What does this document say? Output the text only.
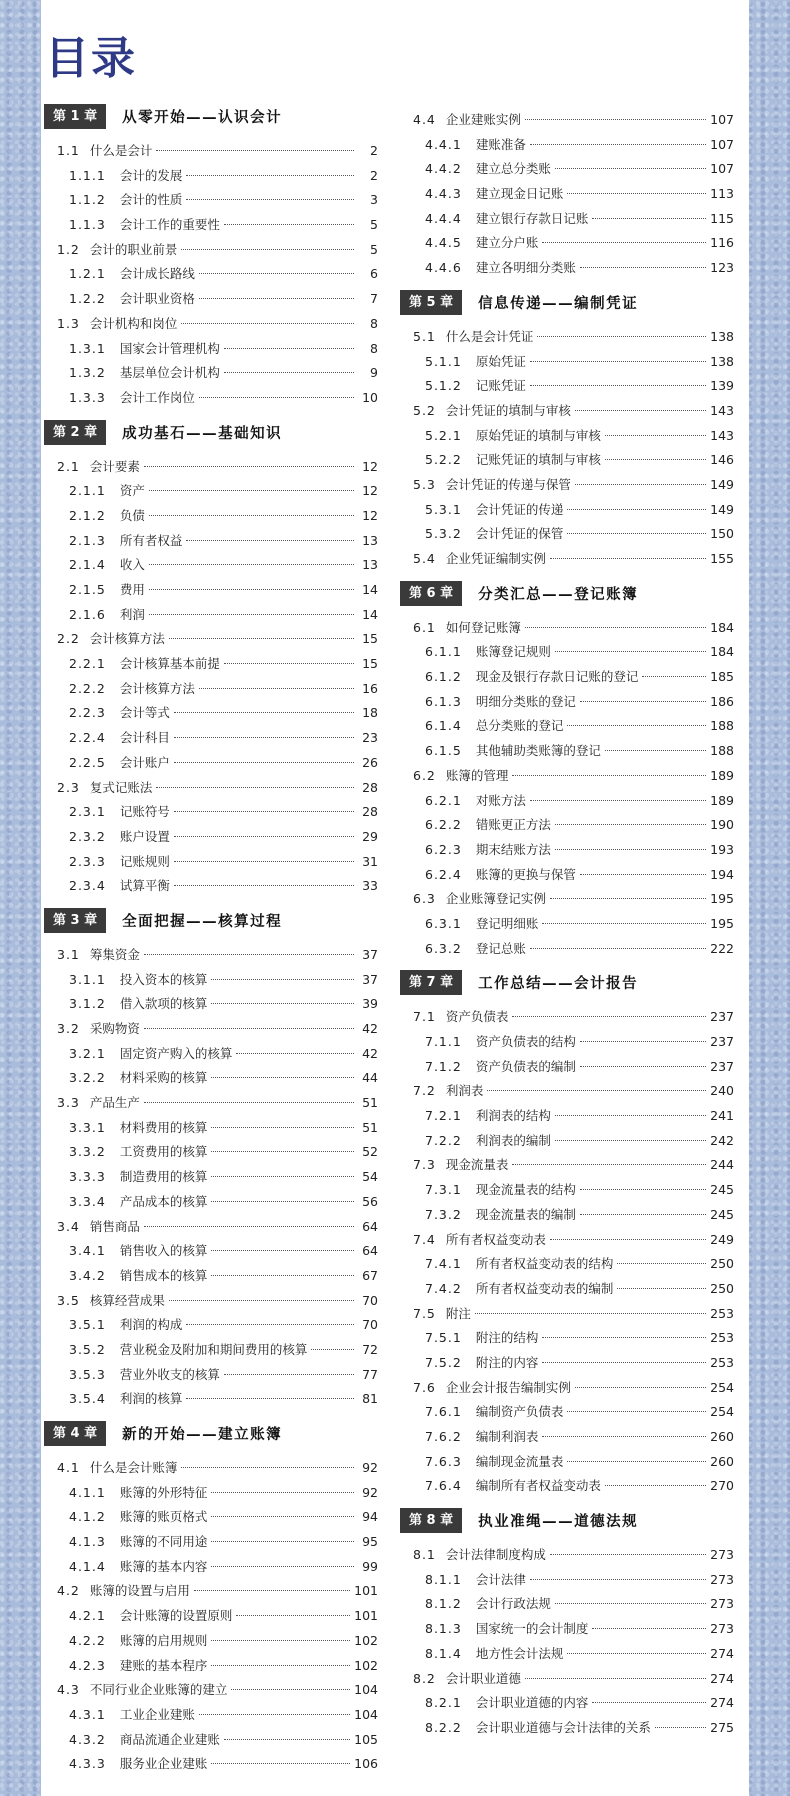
目录
第 1 章	从零开始——认识会计
1.1 什么是会计	2
1.1.1 会计的发展	2
1.1.2 会计的性质	3
1.1.3 会计工作的重要性	5
1.2 会计的职业前景	5
1.2.1 会计成长路线	6
1.2.2 会计职业资格	7
1.3 会计机构和岗位	8
1.3.1 国家会计管理机构	8
1.3.2 基层单位会计机构	9
1.3.3 会计工作岗位	10
第 2 章	成功基石——基础知识
2.1 会计要素	12
2.1.1 资产	12
2.1.2 负债	12
2.1.3 所有者权益	13
2.1.4 收入	13
2.1.5 费用	14
2.1.6 利润	14
2.2 会计核算方法	15
2.2.1 会计核算基本前提	15
2.2.2 会计核算方法	16
2.2.3 会计等式	18
2.2.4 会计科目	23
2.2.5 会计账户	26
2.3 复式记账法	28
2.3.1 记账符号	28
2.3.2 账户设置	29
2.3.3 记账规则	31
2.3.4 试算平衡	33
第 3 章	全面把握——核算过程
3.1 筹集资金	37
3.1.1 投入资本的核算	37
3.1.2 借入款项的核算	39
3.2 采购物资	42
3.2.1 固定资产购入的核算	42
3.2.2 材料采购的核算	44
3.3 产品生产	51
3.3.1 材料费用的核算	51
3.3.2 工资费用的核算	52
3.3.3 制造费用的核算	54
3.3.4 产品成本的核算	56
3.4 销售商品	64
3.4.1 销售收入的核算	64
3.4.2 销售成本的核算	67
3.5 核算经营成果	70
3.5.1 利润的构成	70
3.5.2 营业税金及附加和期间费用的核算	72
3.5.3 营业外收支的核算	77
3.5.4 利润的核算	81
第 4 章	新的开始——建立账簿
4.1 什么是会计账簿	92
4.1.1 账簿的外形特征	92
4.1.2 账簿的账页格式	94
4.1.3 账簿的不同用途	95
4.1.4 账簿的基本内容	99
4.2 账簿的设置与启用	101
4.2.1 会计账簿的设置原则	101
4.2.2 账簿的启用规则	102
4.2.3 建账的基本程序	102
4.3 不同行业企业账簿的建立	104
4.3.1 工业企业建账	104
4.3.2 商品流通企业建账	105
4.3.3 服务业企业建账	106
4.4 企业建账实例	107
4.4.1 建账准备	107
4.4.2 建立总分类账	107
4.4.3 建立现金日记账	113
4.4.4 建立银行存款日记账	115
4.4.5 建立分户账	116
4.4.6 建立各明细分类账	123
第 5 章	信息传递——编制凭证
5.1 什么是会计凭证	138
5.1.1 原始凭证	138
5.1.2 记账凭证	139
5.2 会计凭证的填制与审核	143
5.2.1 原始凭证的填制与审核	143
5.2.2 记账凭证的填制与审核	146
5.3 会计凭证的传递与保管	149
5.3.1 会计凭证的传递	149
5.3.2 会计凭证的保管	150
5.4 企业凭证编制实例	155
第 6 章	分类汇总——登记账簿
6.1 如何登记账簿	184
6.1.1 账簿登记规则	184
6.1.2 现金及银行存款日记账的登记	185
6.1.3 明细分类账的登记	186
6.1.4 总分类账的登记	188
6.1.5 其他辅助类账簿的登记	188
6.2 账簿的管理	189
6.2.1 对账方法	189
6.2.2 错账更正方法	190
6.2.3 期末结账方法	193
6.2.4 账簿的更换与保管	194
6.3 企业账簿登记实例	195
6.3.1 登记明细账	195
6.3.2 登记总账	222
第 7 章	工作总结——会计报告
7.1 资产负债表	237
7.1.1 资产负债表的结构	237
7.1.2 资产负债表的编制	237
7.2 利润表	240
7.2.1 利润表的结构	241
7.2.2 利润表的编制	242
7.3 现金流量表	244
7.3.1 现金流量表的结构	245
7.3.2 现金流量表的编制	245
7.4 所有者权益变动表	249
7.4.1 所有者权益变动表的结构	250
7.4.2 所有者权益变动表的编制	250
7.5 附注	253
7.5.1 附注的结构	253
7.5.2 附注的内容	253
7.6 企业会计报告编制实例	254
7.6.1 编制资产负债表	254
7.6.2 编制利润表	260
7.6.3 编制现金流量表	260
7.6.4 编制所有者权益变动表	270
第 8 章	执业准绳——道德法规
8.1 会计法律制度构成	273
8.1.1 会计法律	273
8.1.2 会计行政法规	273
8.1.3 国家统一的会计制度	273
8.1.4 地方性会计法规	274
8.2 会计职业道德	274
8.2.1 会计职业道德的内容	274
8.2.2 会计职业道德与会计法律的关系	275
